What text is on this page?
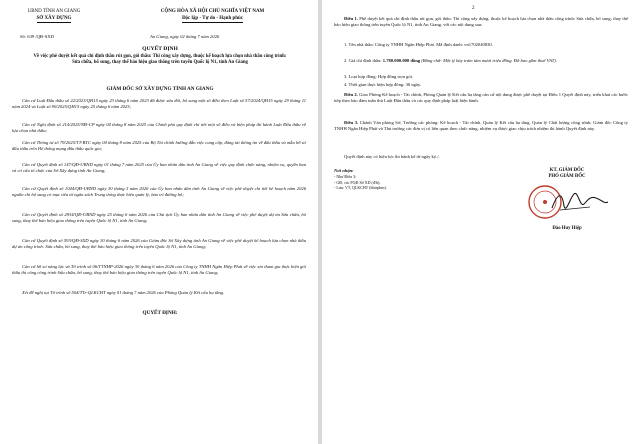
UBND TỈNH AN GIANG
SỞ XÂY DỰNG
CỘNG HÒA XÃ HỘI CHỦ NGHĨA VIỆT NAM
Độc lập - Tự do - Hạnh phúc
Số: 639 /QĐ-SXD	An Giang, ngày 02 tháng 7 năm 2026
QUYẾT ĐỊNH
Về việc phê duyệt kết quả chỉ định thầu rút gọn, gói thầu: Thi công xây dựng, thuộc kế hoạch lựa chọn nhà thầu công trình: Sửa chữa, bổ sung, thay thế báo hiệu giao thông trên tuyến Quốc lộ N1, tỉnh An Giang
GIÁM ĐỐC SỞ XÂY DỰNG TỈNH AN GIANG
Căn cứ Luật Đấu thầu số 22/2023/QH15 ngày 23 tháng 6 năm 2023 đã được sửa đổi, bổ sung một số điều theo Luật số 57/2024/QH15 ngày 29 tháng 11 năm 2024 và Luật số 90/2025/QH15 ngày 25 tháng 6 năm 2025;
Căn cứ Nghị định số 214/2025/NĐ-CP ngày 04 tháng 8 năm 2025 của Chính phủ quy định chi tiết một số điều và biện pháp thi hành Luật Đấu thầu về lựa chọn nhà thầu;
Căn cứ Thông tư số 79/2025/TT-BTC ngày 04 tháng 8 năm 2025 của Bộ Tài chính hướng dẫn việc cung cấp, đăng tải thông tin về đấu thầu và mẫu hồ sơ đấu thầu trên Hệ thống mạng đấu thầu quốc gia;
Căn cứ Quyết định số 147/QĐ-UBND ngày 01 tháng 7 năm 2025 của Ủy ban nhân dân tỉnh An Giang về việc quy định chức năng, nhiệm vụ, quyền hạn và cơ cấu tổ chức của Sở Xây dựng tỉnh An Giang;
Căn cứ Quyết định số 1044/QĐ-UBND ngày 30 tháng 3 năm 2026 của Ủy ban nhân dân tỉnh An Giang về việc phê duyệt chi tiết kế hoạch năm 2026 nguồn chi bộ sung có mục tiêu từ ngân sách Trung ương thực hiện quản lý, bảo trì đường bộ;
Căn cứ Quyết định số 2934/QĐ-UBND ngày 25 tháng 6 năm 2026 của Chủ tịch Ủy ban nhân dân tỉnh An Giang về việc phê duyệt dự án Sửa chữa, bổ sung, thay thế báo hiệu giao thông trên tuyến Quốc lộ N1, tỉnh An Giang;
Căn cứ Quyết định số 593/QĐ-SXD ngày 30 tháng 6 năm 2026 của Giám đốc Sở Xây dựng tỉnh An Giang về việc phê duyệt kế hoạch lựa chọn nhà thầu dự án công trình: Sửa chữa, bổ sung, thay thế báo hiệu giao thông trên tuyến Quốc lộ N1, tỉnh An Giang;
Căn cứ hồ sơ năng lực và Tờ trình số 06/TTNHP-2026 ngày 30 tháng 6 năm 2026 của Công ty TNHH Ngân Hiệp Phát về việc xin tham gia thực hiện gói thầu thi công công trình Sửa chữa, bổ sung, thay thế báo hiệu giao thông trên tuyến Quốc lộ N1, tỉnh An Giang;
Xét đề nghị tại Tờ trình số 504/TTr-QLKCHT ngày 01 tháng 7 năm 2026 của Phòng Quản lý Kết cấu hạ tầng.
QUYẾT ĐỊNH:
2
Điều 1. Phê duyệt kết quả chỉ định thầu rút gọn, gói thầu: Thi công xây dựng, thuộc kế hoạch lựa chọn nhà thầu công trình: Sửa chữa, bổ sung, thay thế báo hiệu giao thông trên tuyến Quốc lộ N1, tỉnh An Giang, với các nội dung sau:
1. Tên nhà thầu: Công ty TNHH Ngân Hiệp Phát. Mã định danh: vn1702040830.
2. Giá chỉ định thầu: 1.780.000.000 đồng (Bằng chữ: Một tỷ bảy trăm tám mươi triệu đồng. Đã bao gồm thuế VAT).
3. Loại hợp đồng: Hợp đồng trọn gói.
4. Thời gian thực hiện hợp đồng: 30 ngày.
Điều 2. Giao Phòng Kế hoạch - Tài chính, Phòng Quản lý Kết cấu hạ tầng căn cứ nội dung được phê duyệt tại Điều 1 Quyết định này, triển khai các bước tiếp theo bảo đảm tuân thủ Luật Đấu thầu và các quy định pháp luật hiện hành.
Điều 3. Chánh Văn phòng Sở; Trưởng các phòng: Kế hoạch - Tài chính, Quản lý Kết cấu hạ tầng, Quản lý Chất lượng công trình; Giám đốc Công ty TNHH Ngân Hiệp Phát và Thủ trưởng các đơn vị có liên quan theo chức năng, nhiệm vụ được giao chịu trách nhiệm thi hành Quyết định này.
Quyết định này có hiệu lực thi hành kể từ ngày ký./.
Nơi nhận:
- Như Điều 3;
- GĐ, các PGĐ Sở XD (đ/b);
- Lưu: VT, QLKCHT (hhiephm).
KT. GIÁM ĐỐC
PHÓ GIÁM ĐỐC
Đào Huy Hiệp
